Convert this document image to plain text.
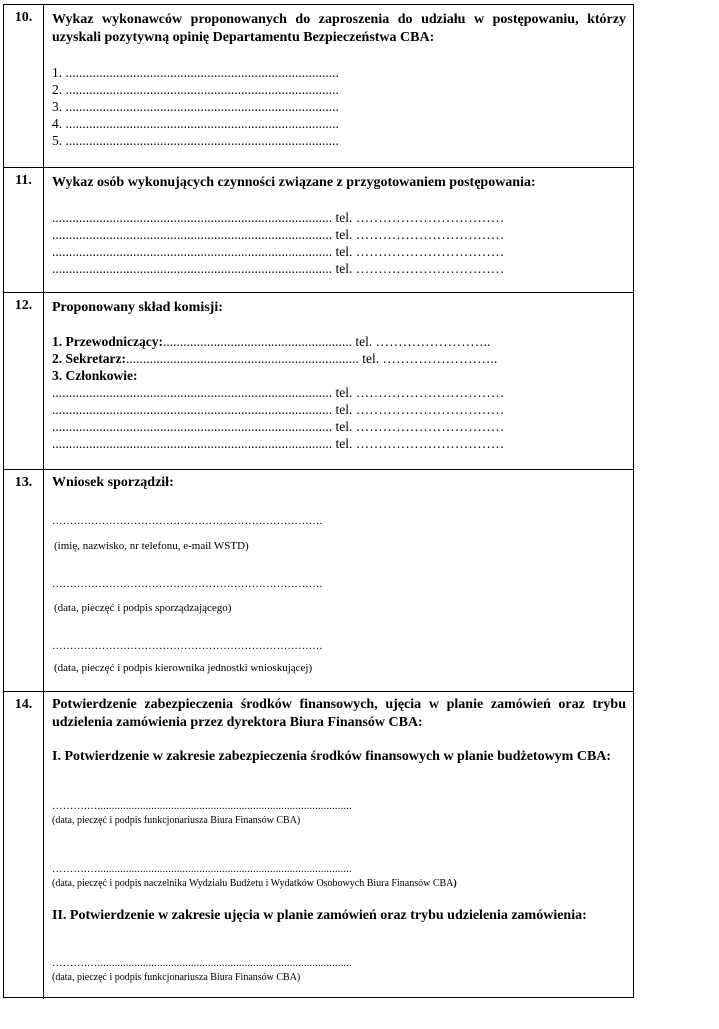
10.	Wykaz wykonawców proponowanych do zaproszenia do udziału w postępowaniu, którzy uzyskali pozytywną opinię Departamentu Bezpieczeństwa CBA:
1. .................................................................................
2. .................................................................................
3. .................................................................................
4. .................................................................................
5. .................................................................................
11.	Wykaz osób wykonujących czynności związane z przygotowaniem postępowania:
................................................................................... tel. ……………………………
................................................................................... tel. ……………………………
................................................................................... tel. ……………………………
................................................................................... tel. ……………………………
12.	Proponowany skład komisji:
1. Przewodniczący:........................................................ tel. ……………………..
2. Sekretarz:..................................................................... tel. ……………………..
3. Członkowie:
................................................................................... tel. ……………………………
................................................................................... tel. ……………………………
................................................................................... tel. ……………………………
................................................................................... tel. ……………………………
13.	Wniosek sporządził:
………………………………………………………………….
(imię, nazwisko, nr telefonu, e-mail WSTD)
………………………………………………………………….
(data, pieczęć i podpis sporządzającego)
………………………………………………………………….
(data, pieczęć i podpis kierownika jednostki wnioskującej)
14.	Potwierdzenie zabezpieczenia środków finansowych, ujęcia w planie zamówień oraz trybu udzielenia zamówienia przez dyrektora Biura Finansów CBA:
I. Potwierdzenie w zakresie zabezpieczenia środków finansowych w planie budżetowym CBA:
……….…..........................................................................................
(data, pieczęć i podpis funkcjonariusza Biura Finansów CBA)
……….…..........................................................................................
(data, pieczęć i podpis naczelnika Wydziału Budżetu i Wydatków Osobowych Biura Finansów CBA)
II. Potwierdzenie w zakresie ujęcia w planie zamówień oraz trybu udzielenia zamówienia:
……….…..........................................................................................
(data, pieczęć i podpis funkcjonariusza Biura Finansów CBA)
